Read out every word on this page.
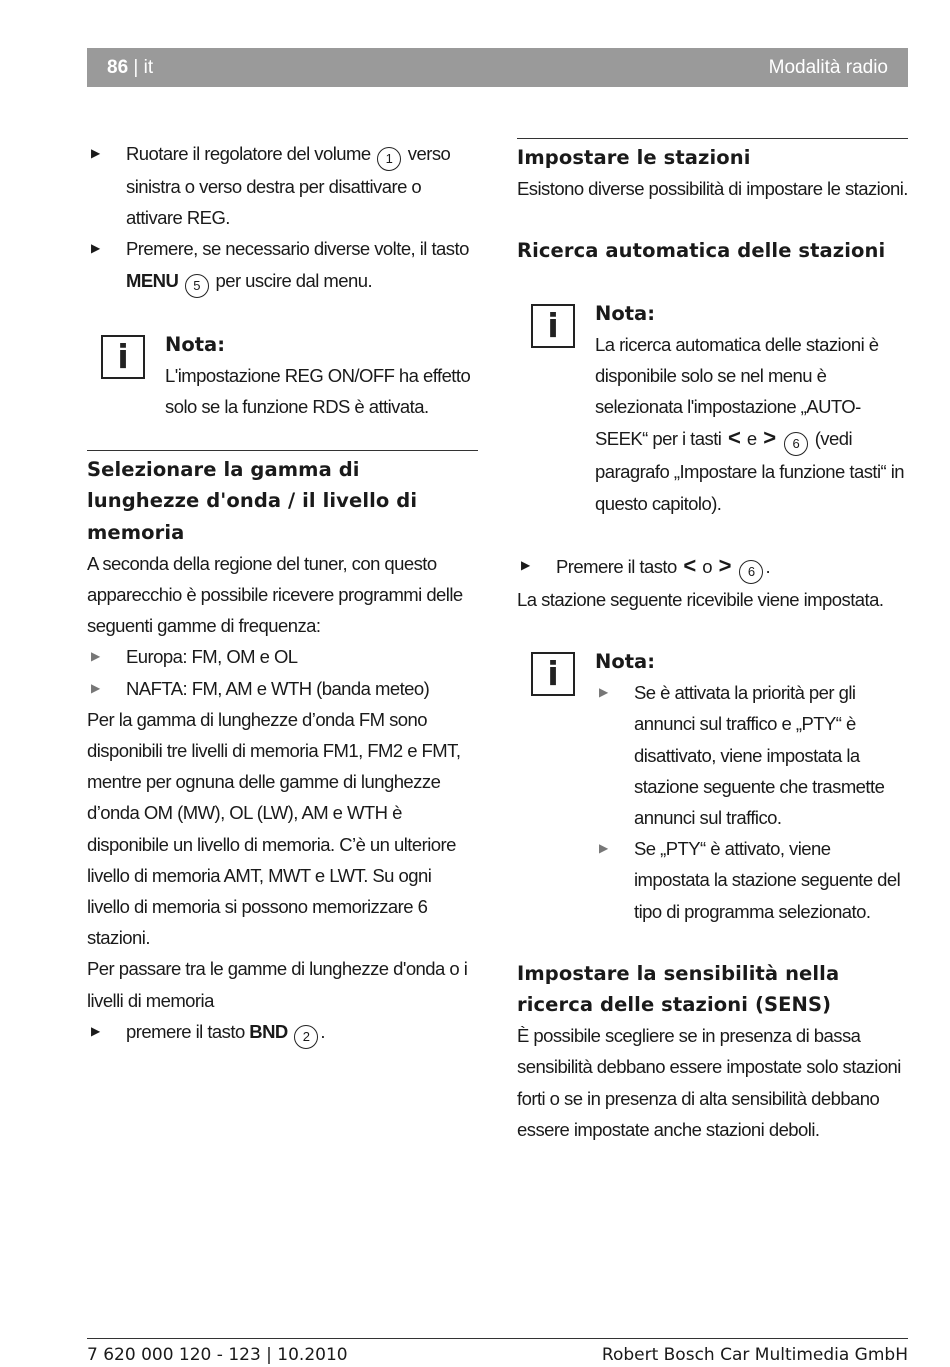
86 | it	Modalità radio
▶ Ruotare il regolatore del volume 1 verso sinistra o verso destra per disattivare o attivare REG.
▶ Premere, se necessario diverse volte, il tasto MENU 5 per uscire dal menu.
i	Nota:

L'impostazione REG ON/OFF ha effetto solo se la funzione RDS è attivata.

Selezionare la gamma di lunghezze d'onda / il livello di memoria

A seconda della regione del tuner, con questo apparecchio è possibile ricevere programmi delle seguenti gamme di frequenza:

▶ Europa: FM, OM e OL
▶ NAFTA: FM, AM e WTH (banda meteo)

Per la gamma di lunghezze d’onda FM sono disponibili tre livelli di memoria FM1, FM2 e FMT, mentre per ognuna delle gamme di lunghezze d’onda OM (MW), OL (LW), AM e WTH è disponibile un livello di memoria. C’è un ulteriore livello di memoria AMT, MWT e LWT. Su ogni livello di memoria si possono memorizzare 6 stazioni.

Per passare tra le gamme di lunghezze d'onda o i livelli di memoria

▶ premere il tasto BND 2 .
Impostare le stazioni

Esistono diverse possibilità di impostare le stazioni.

Ricerca automatica delle stazioni
i	Nota:

La ricerca automatica delle stazioni è disponibile solo se nel menu è selezionata l'impostazione „AUTO-SEEK“ per i tasti < e > 6 (vedi paragrafo „Impostare la funzione tasti“ in questo capitolo).

▶ Premere il tasto < o > 6 .

La stazione seguente ricevibile viene impostata.

i	Nota:
▶ Se è attivata la priorità per gli annunci sul traffico e „PTY“ è disattivato, viene impostata la stazione seguente che trasmette annunci sul traffico.
▶ Se „PTY“ è attivato, viene impostata la stazione seguente del tipo di programma selezionato.
Impostare la sensibilità nella ricerca delle stazioni (SENS)

È possibile scegliere se in presenza di bassa sensibilità debbano essere impostate solo stazioni forti o se in presenza di alta sensibilità debbano essere impostate anche stazioni deboli.

7 620 000 120 - 123 | 10.2010	Robert Bosch Car Multimedia GmbH
